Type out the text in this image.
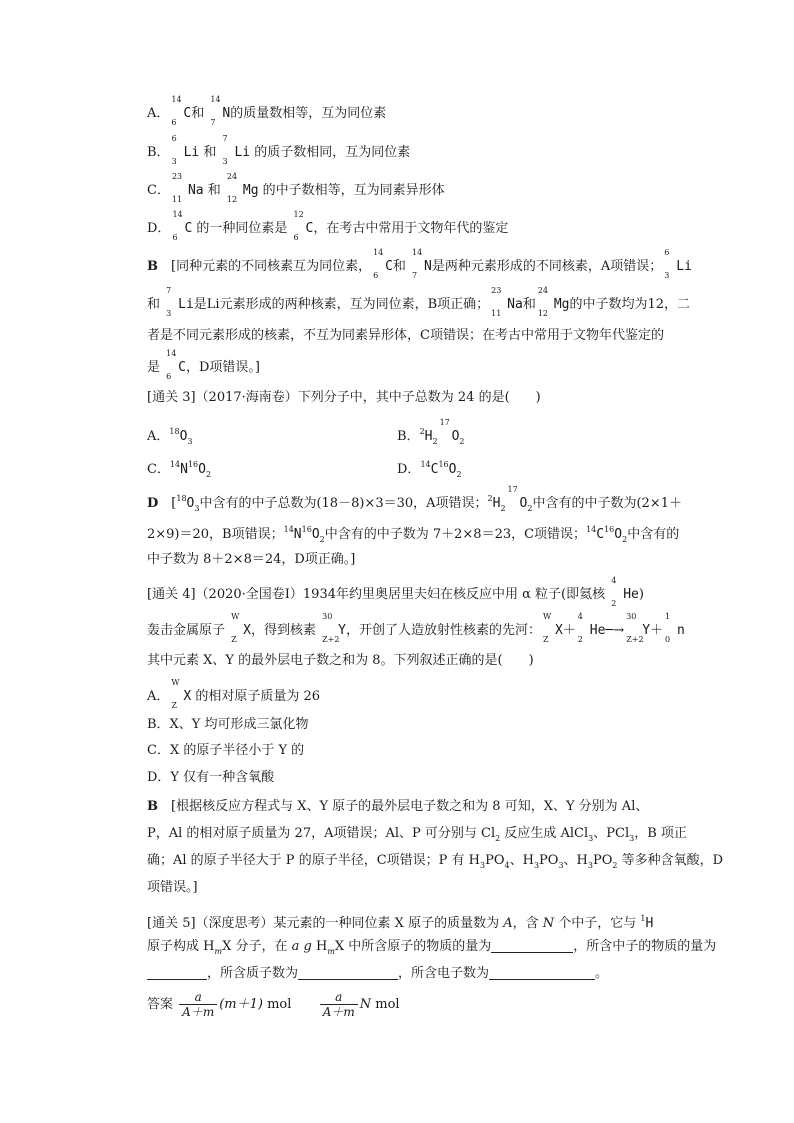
A．
14
6
C和
14
7
N的质量数相等，互为同位素
B．
6
3
Li 和
7
3
Li 的质子数相同，互为同位素
C．
23
11
Na 和
24
12
Mg 的中子数相等，互为同素异形体
D．
14
6
C 的一种同位素是
12
6
C，在考古中常用于文物年代的鉴定
B　[同种元素的不同核素互为同位素，
14
6
C和
14
7
N是两种元素形成的不同核素，A项错误；
6
3
Li
和
7
3
Li是Li元素形成的两种核素，互为同位素，B项正确；
23
11
Na和
24
12
Mg的中子数均为12，二
者是不同元素形成的核素，不互为同素异形体，C项错误；在考古中常用于文物年代鉴定的
是
14
6
C，D项错误。]
[通关 3]（2017·海南卷）下列分子中，其中子总数为 24 的是(　　)
A．$^{18}O_3$	B．$^2H_2$
17
$O_2$
C．$^{14}N^{16}O_2$	D．$^{14}C^{16}O_2$
D　[$^{18}O_3$中含有的中子总数为(18－8)×3＝30，A项错误；$^2H_2$
17
$O_2$中含有的中子数为(2×1＋
2×9)＝20，B项错误；$^{14}N^{16}O_2$中含有的中子数为 7＋2×8＝23，C项错误；$^{14}C^{16}O_2$中含有的
中子数为 8＋2×8＝24，D项正确。]
[通关 4]（2020·全国卷Ⅰ）1934年约里奥居里夫妇在核反应中用 α 粒子(即氦核
4
2
He)
轰击金属原子
W
Z
X，得到核素
30
Z+2
Y，开创了人造放射性核素的先河：
W
Z
X＋
4
2
He─→
30
Z+2
Y＋
1
0
n
其中元素 X、Y 的最外层电子数之和为 8。下列叙述正确的是(　　)
A．
W
Z
X 的相对原子质量为 26
B．X、Y 均可形成三氯化物
C．X 的原子半径小于 Y 的
D．Y 仅有一种含氧酸
B　[根据核反应方程式与 X、Y 原子的最外层电子数之和为 8 可知，X、Y 分别为 Al、
P，Al 的相对原子质量为 27，A项错误；Al、P 可分别与 $Cl_2$ 反应生成 AlCl$_3$、PCl$_3$，B 项正
确；Al 的原子半径大于 P 的原子半径，C项错误；P 有 $H_3PO_4$、$H_3PO_3$、$H_3PO_2$ 等多种含氧酸，D
项错误。]
[通关 5]（深度思考）某元素的一种同位素 X 原子的质量数为 A，含 N 个中子，它与 $^1$H
原子构成 $H_mX$ 分子，在 a g $H_mX$ 中所含原子的物质的量为	，所含中子的物质的量为
，所含质子数为	，所含电子数为	。
答案 $\frac{a}{A+m} (m+1)$ mol $\frac{a}{A+m}$ N mol
